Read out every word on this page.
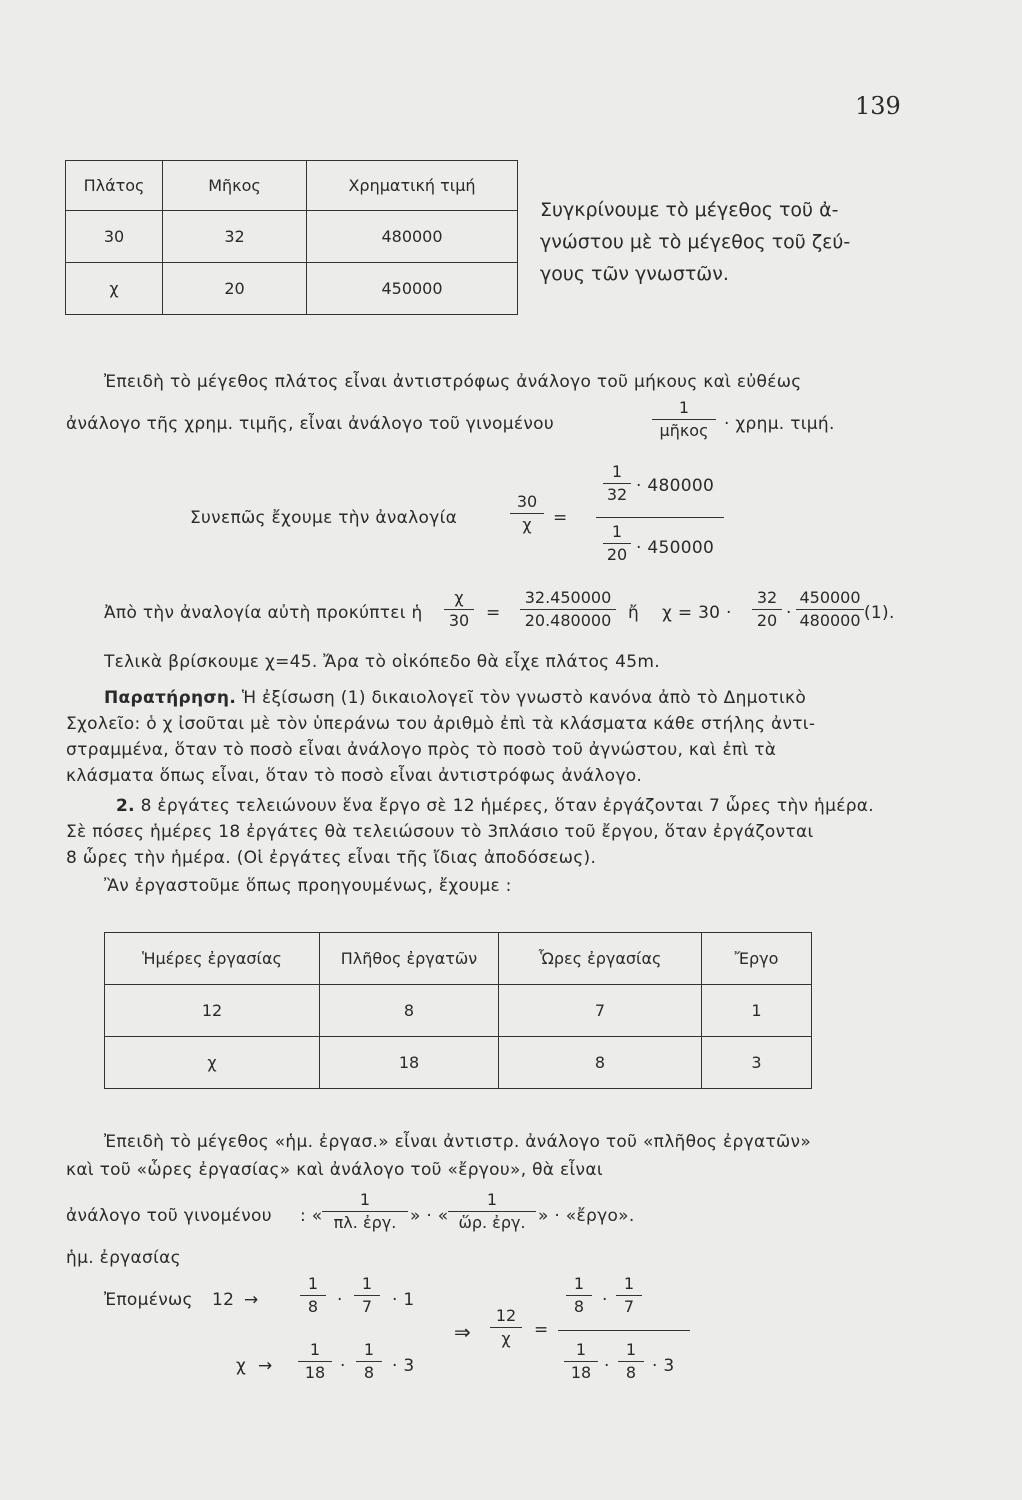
139
Πλάτος	Μῆκος	Χρηματική τιμή
30	32	480000
χ	20	450000
Συγκρίνουμε τὸ μέγεθος τοῦ ἀ-
γνώστου μὲ τὸ μέγεθος τοῦ ζεύ-
γους τῶν γνωστῶν.
Ἐπειδὴ τὸ μέγεθος πλάτος εἶναι ἀντιστρόφως ἀνάλογο τοῦ μήκους καὶ εὐθέως
ἀνάλογο τῆς χρημ. τιμῆς, εἶναι ἀνάλογο τοῦ γινομένου
1
μῆκος · χρημ. τιμή.
Συνεπῶς ἔχουμε τὴν ἀναλογία
30
χ	=
1
32 · 480000
1
20 · 450000
Ἀπὸ τὴν ἀναλογία αὐτὴ προκύπτει ἡ
χ
30 =
32.450000
20.480000 ἤ χ = 30 ·
32
20 ·
450000
480000 (1).
Τελικὰ βρίσκουμε χ=45. Ἄρα τὸ οἰκόπεδο θὰ εἶχε πλάτος 45m.
Παρατήρηση. Ἡ ἐξίσωση (1) δικαιολογεῖ τὸν γνωστὸ κανόνα ἀπὸ τὸ Δημοτικὸ
Σχολεῖο: ὁ χ ἰσοῦται μὲ τὸν ὑπεράνω του ἀριθμὸ ἐπὶ τὰ κλάσματα κάθε στήλης ἀντι-
στραμμένα, ὅταν τὸ ποσὸ εἶναι ἀνάλογο πρὸς τὸ ποσὸ τοῦ ἀγνώστου, καὶ ἐπὶ τὰ
κλάσματα ὅπως εἶναι, ὅταν τὸ ποσὸ εἶναι ἀντιστρόφως ἀνάλογο.
2. 8 ἐργάτες τελειώνουν ἕνα ἔργο σὲ 12 ἡμέρες, ὅταν ἐργάζονται 7 ὧρες τὴν ἡμέρα.
Σὲ πόσες ἡμέρες 18 ἐργάτες θὰ τελειώσουν τὸ 3πλάσιο τοῦ ἔργου, ὅταν ἐργάζονται
8 ὧρες τὴν ἡμέρα. (Οἱ ἐργάτες εἶναι τῆς ἴδιας ἀποδόσεως).
Ἂν ἐργαστοῦμε ὅπως προηγουμένως, ἔχουμε :
Ἡμέρες ἐργασίας	Πλῆθος ἐργατῶν	Ὧρες ἐργασίας	Ἔργο
12	8	7	1
χ	18	8	3
Ἐπειδὴ τὸ μέγεθος «ἡμ. ἐργασ.» εἶναι ἀντιστρ. ἀνάλογο τοῦ «πλῆθος ἐργατῶν»
καὶ τοῦ «ὧρες ἐργασίας» καὶ ἀνάλογο τοῦ «ἔργου», θὰ εἶναι
ἀνάλογο τοῦ γινομένου : «
1
πλ. ἐργ. » · «
1
ὥρ. ἐργ. » · «ἔργο».
ἡμ. ἐργασίας
Ἐπομένως 12 →
1
8	·
1
7	· 1
χ →
1
18 ·
1
8	· 3
⇒
12
χ	=
1
8	·
1
7
1
18 ·
1
8 · 3
